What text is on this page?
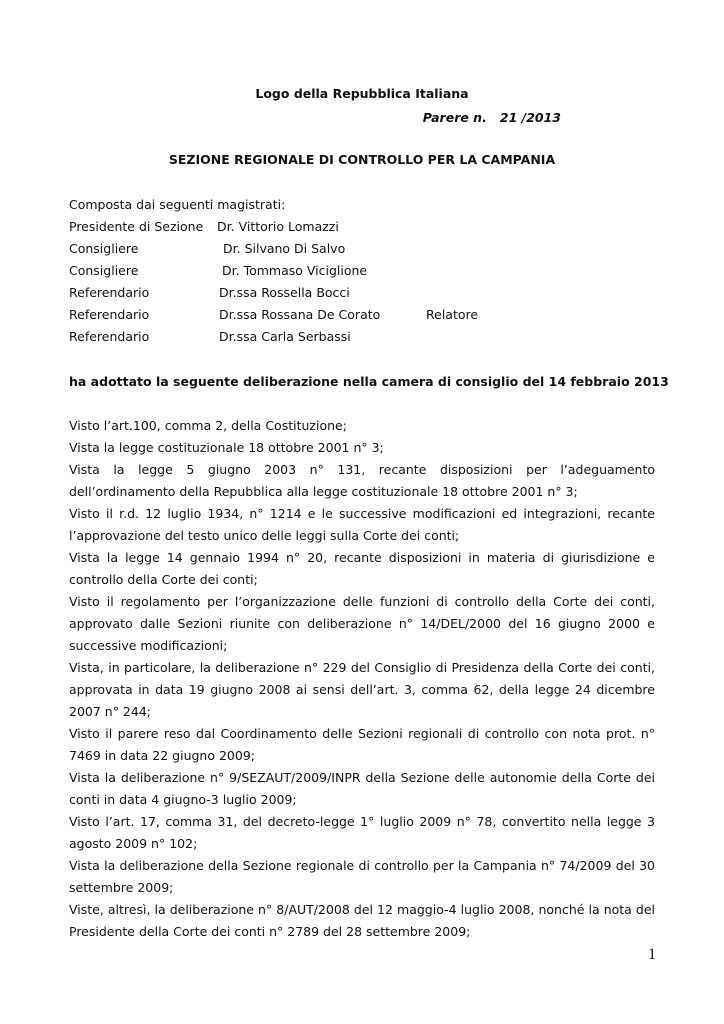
Logo della Repubblica Italiana
Parere n.   21 /2013
SEZIONE REGIONALE DI CONTROLLO PER LA CAMPANIA
Composta dai seguenti magistrati:
Presidente di Sezione Dr. Vittorio Lomazzi
Consigliere	Dr. Silvano Di Salvo
Consigliere	Dr. Tommaso Viciglione
Referendario	Dr.ssa Rossella Bocci
Referendario	Dr.ssa Rossana De Corato	Relatore
Referendario	Dr.ssa Carla Serbassi
ha adottato la seguente deliberazione nella camera di consiglio del 14 febbraio 2013

Visto l’art.100, comma 2, della Costituzione;

Vista la legge costituzionale 18 ottobre 2001 n° 3;

Vista la legge 5 giugno 2003 n° 131, recante disposizioni per l’adeguamento dell’ordinamento della Repubblica alla legge costituzionale 18 ottobre 2001 n° 3;

Visto il r.d. 12 luglio 1934, n° 1214 e le successive modificazioni ed integrazioni, recante l’approvazione del testo unico delle leggi sulla Corte dei conti;

Vista la legge 14 gennaio 1994 n° 20, recante disposizioni in materia di giurisdizione e controllo della Corte dei conti;

Visto il regolamento per l’organizzazione delle funzioni di controllo della Corte dei conti, approvato dalle Sezioni riunite con deliberazione n° 14/DEL/2000 del 16 giugno 2000 e successive modificazioni;

Vista, in particolare, la deliberazione n° 229 del Consiglio di Presidenza della Corte dei conti, approvata in data 19 giugno 2008 ai sensi dell’art. 3, comma 62, della legge 24 dicembre 2007 n° 244;

Visto il parere reso dal Coordinamento delle Sezioni regionali di controllo con nota prot. n° 7469 in data 22 giugno 2009;

Vista la deliberazione n° 9/SEZAUT/2009/INPR della Sezione delle autonomie della Corte dei conti in data 4 giugno-3 luglio 2009;

Visto l’art. 17, comma 31, del decreto-legge 1° luglio 2009 n° 78, convertito nella legge 3 agosto 2009 n° 102;

Vista la deliberazione della Sezione regionale di controllo per la Campania n° 74/2009 del 30 settembre 2009;

Viste, altresì, la deliberazione n° 8/AUT/2008 del 12 maggio-4 luglio 2008, nonché la nota del Presidente della Corte dei conti n° 2789 del 28 settembre 2009;

1
